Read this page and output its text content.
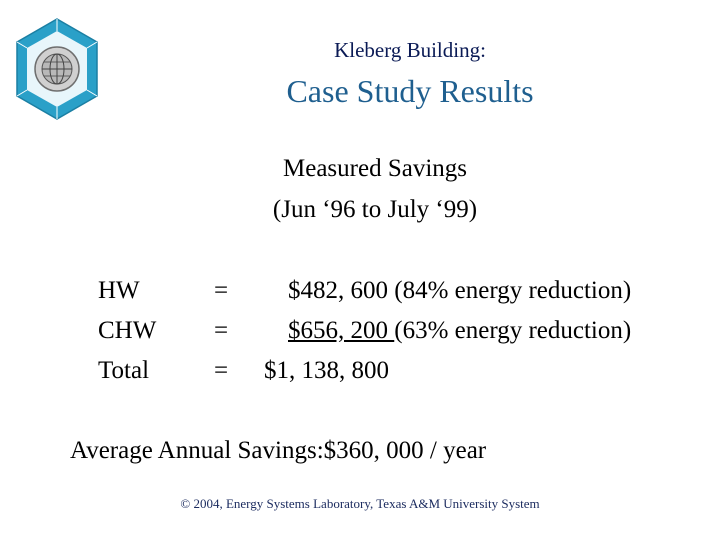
Kleberg Building:
Case Study Results
Measured Savings
(Jun ‘96 to July ‘99)
HW	= $482, 600 (84% energy reduction)
CHW = $656, 200 (63% energy reduction)
Total	= $1, 138, 800
Average Annual Savings:$360, 000 / year
© 2004, Energy Systems Laboratory, Texas A&M University System
